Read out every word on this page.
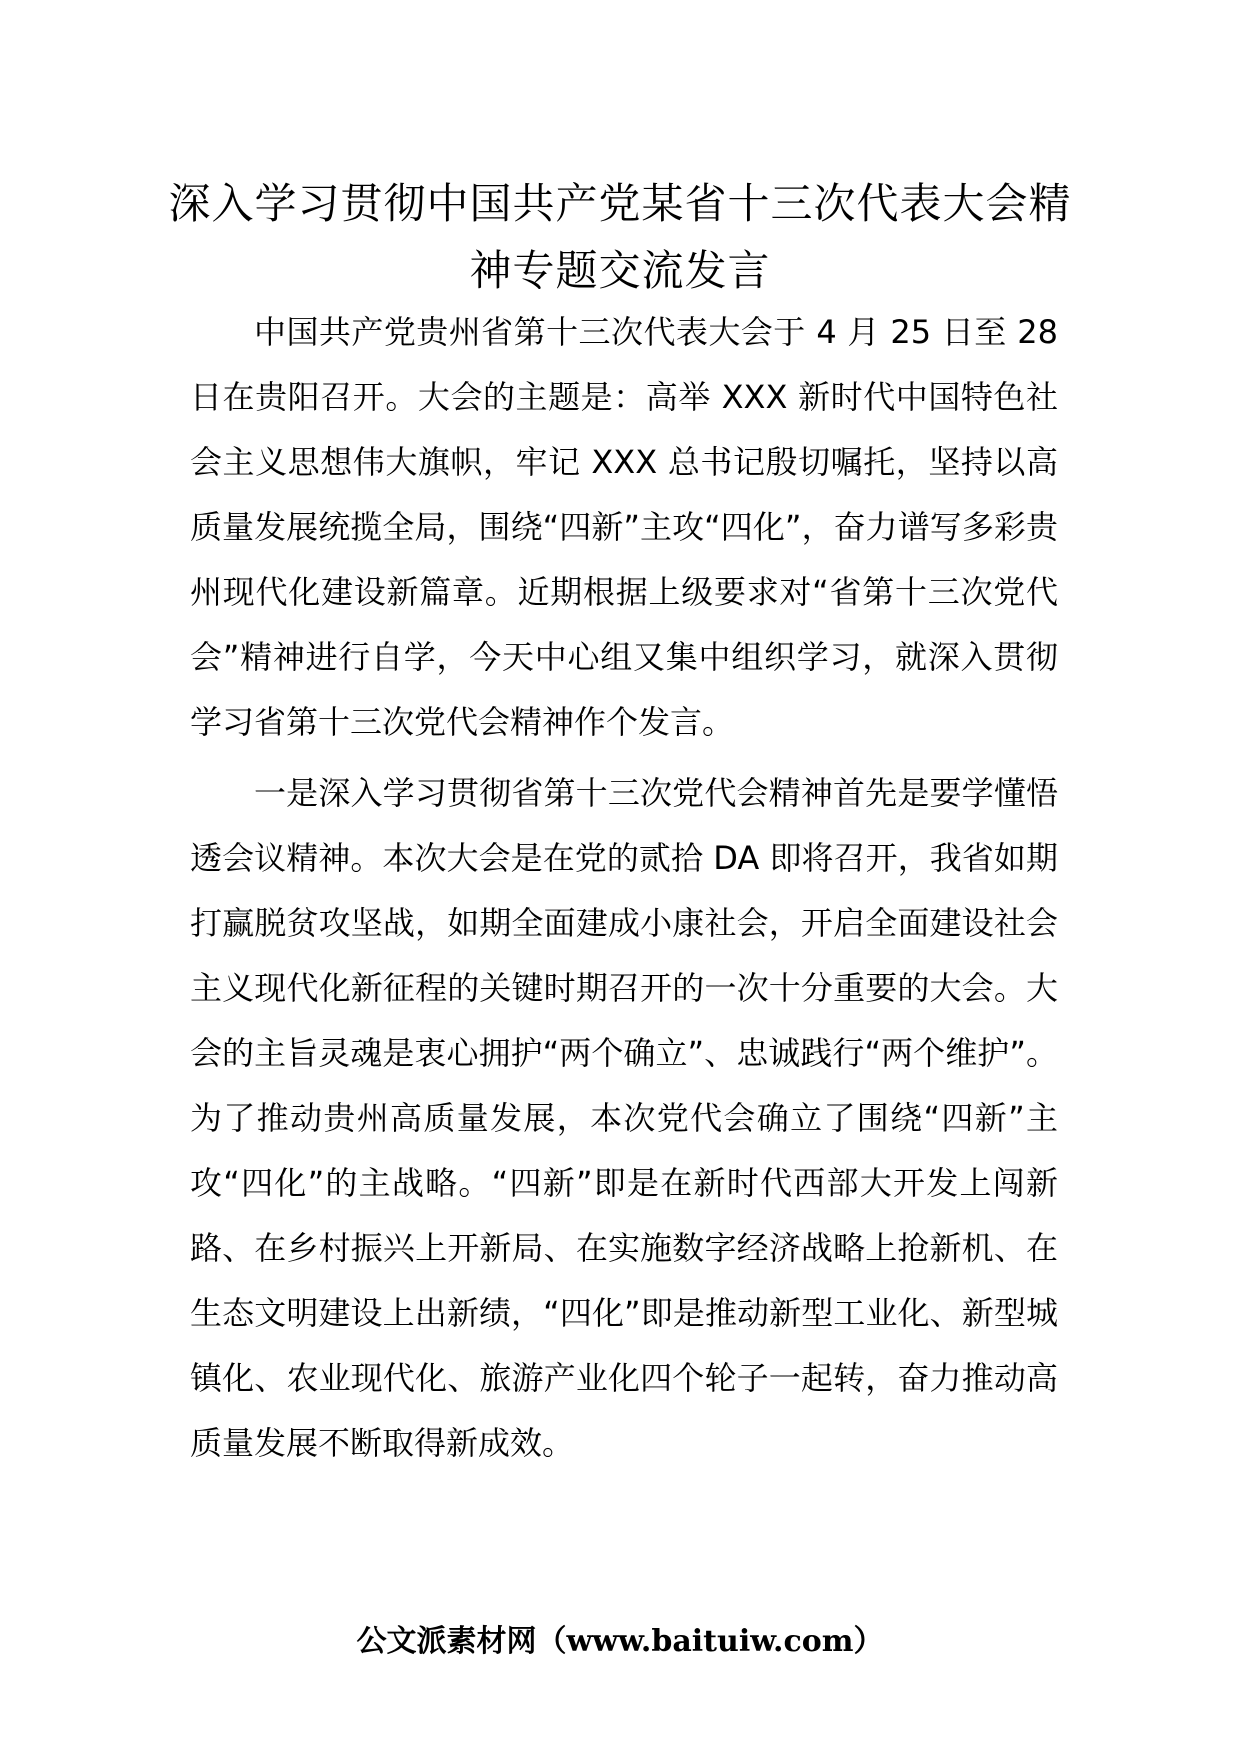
深入学习贯彻中国共产党某省十三次代表大会精神专题交流发言

中国共产党贵州省第十三次代表大会于 4 月 25 日至 28 日在贵阳召开。大会的主题是：高举 XXX 新时代中国特色社会主义思想伟大旗帜，牢记 XXX 总书记殷切嘱托，坚持以高质量发展统揽全局，围绕“四新”主攻“四化”，奋力谱写多彩贵州现代化建设新篇章。近期根据上级要求对“省第十三次党代会”精神进行自学，今天中心组又集中组织学习，就深入贯彻学习省第十三次党代会精神作个发言。

一是深入学习贯彻省第十三次党代会精神首先是要学懂悟透会议精神。本次大会是在党的贰拾 DA 即将召开，我省如期打赢脱贫攻坚战，如期全面建成小康社会，开启全面建设社会主义现代化新征程的关键时期召开的一次十分重要的大会。大会的主旨灵魂是衷心拥护“两个确立”、忠诚践行“两个维护”。为了推动贵州高质量发展，本次党代会确立了围绕“四新”主攻“四化”的主战略。“四新”即是在新时代西部大开发上闯新路、在乡村振兴上开新局、在实施数字经济战略上抢新机、在生态文明建设上出新绩，“四化”即是推动新型工业化、新型城镇化、农业现代化、旅游产业化四个轮子一起转，奋力推动高质量发展不断取得新成效。

公文派素材网（www.baituiw.com）
